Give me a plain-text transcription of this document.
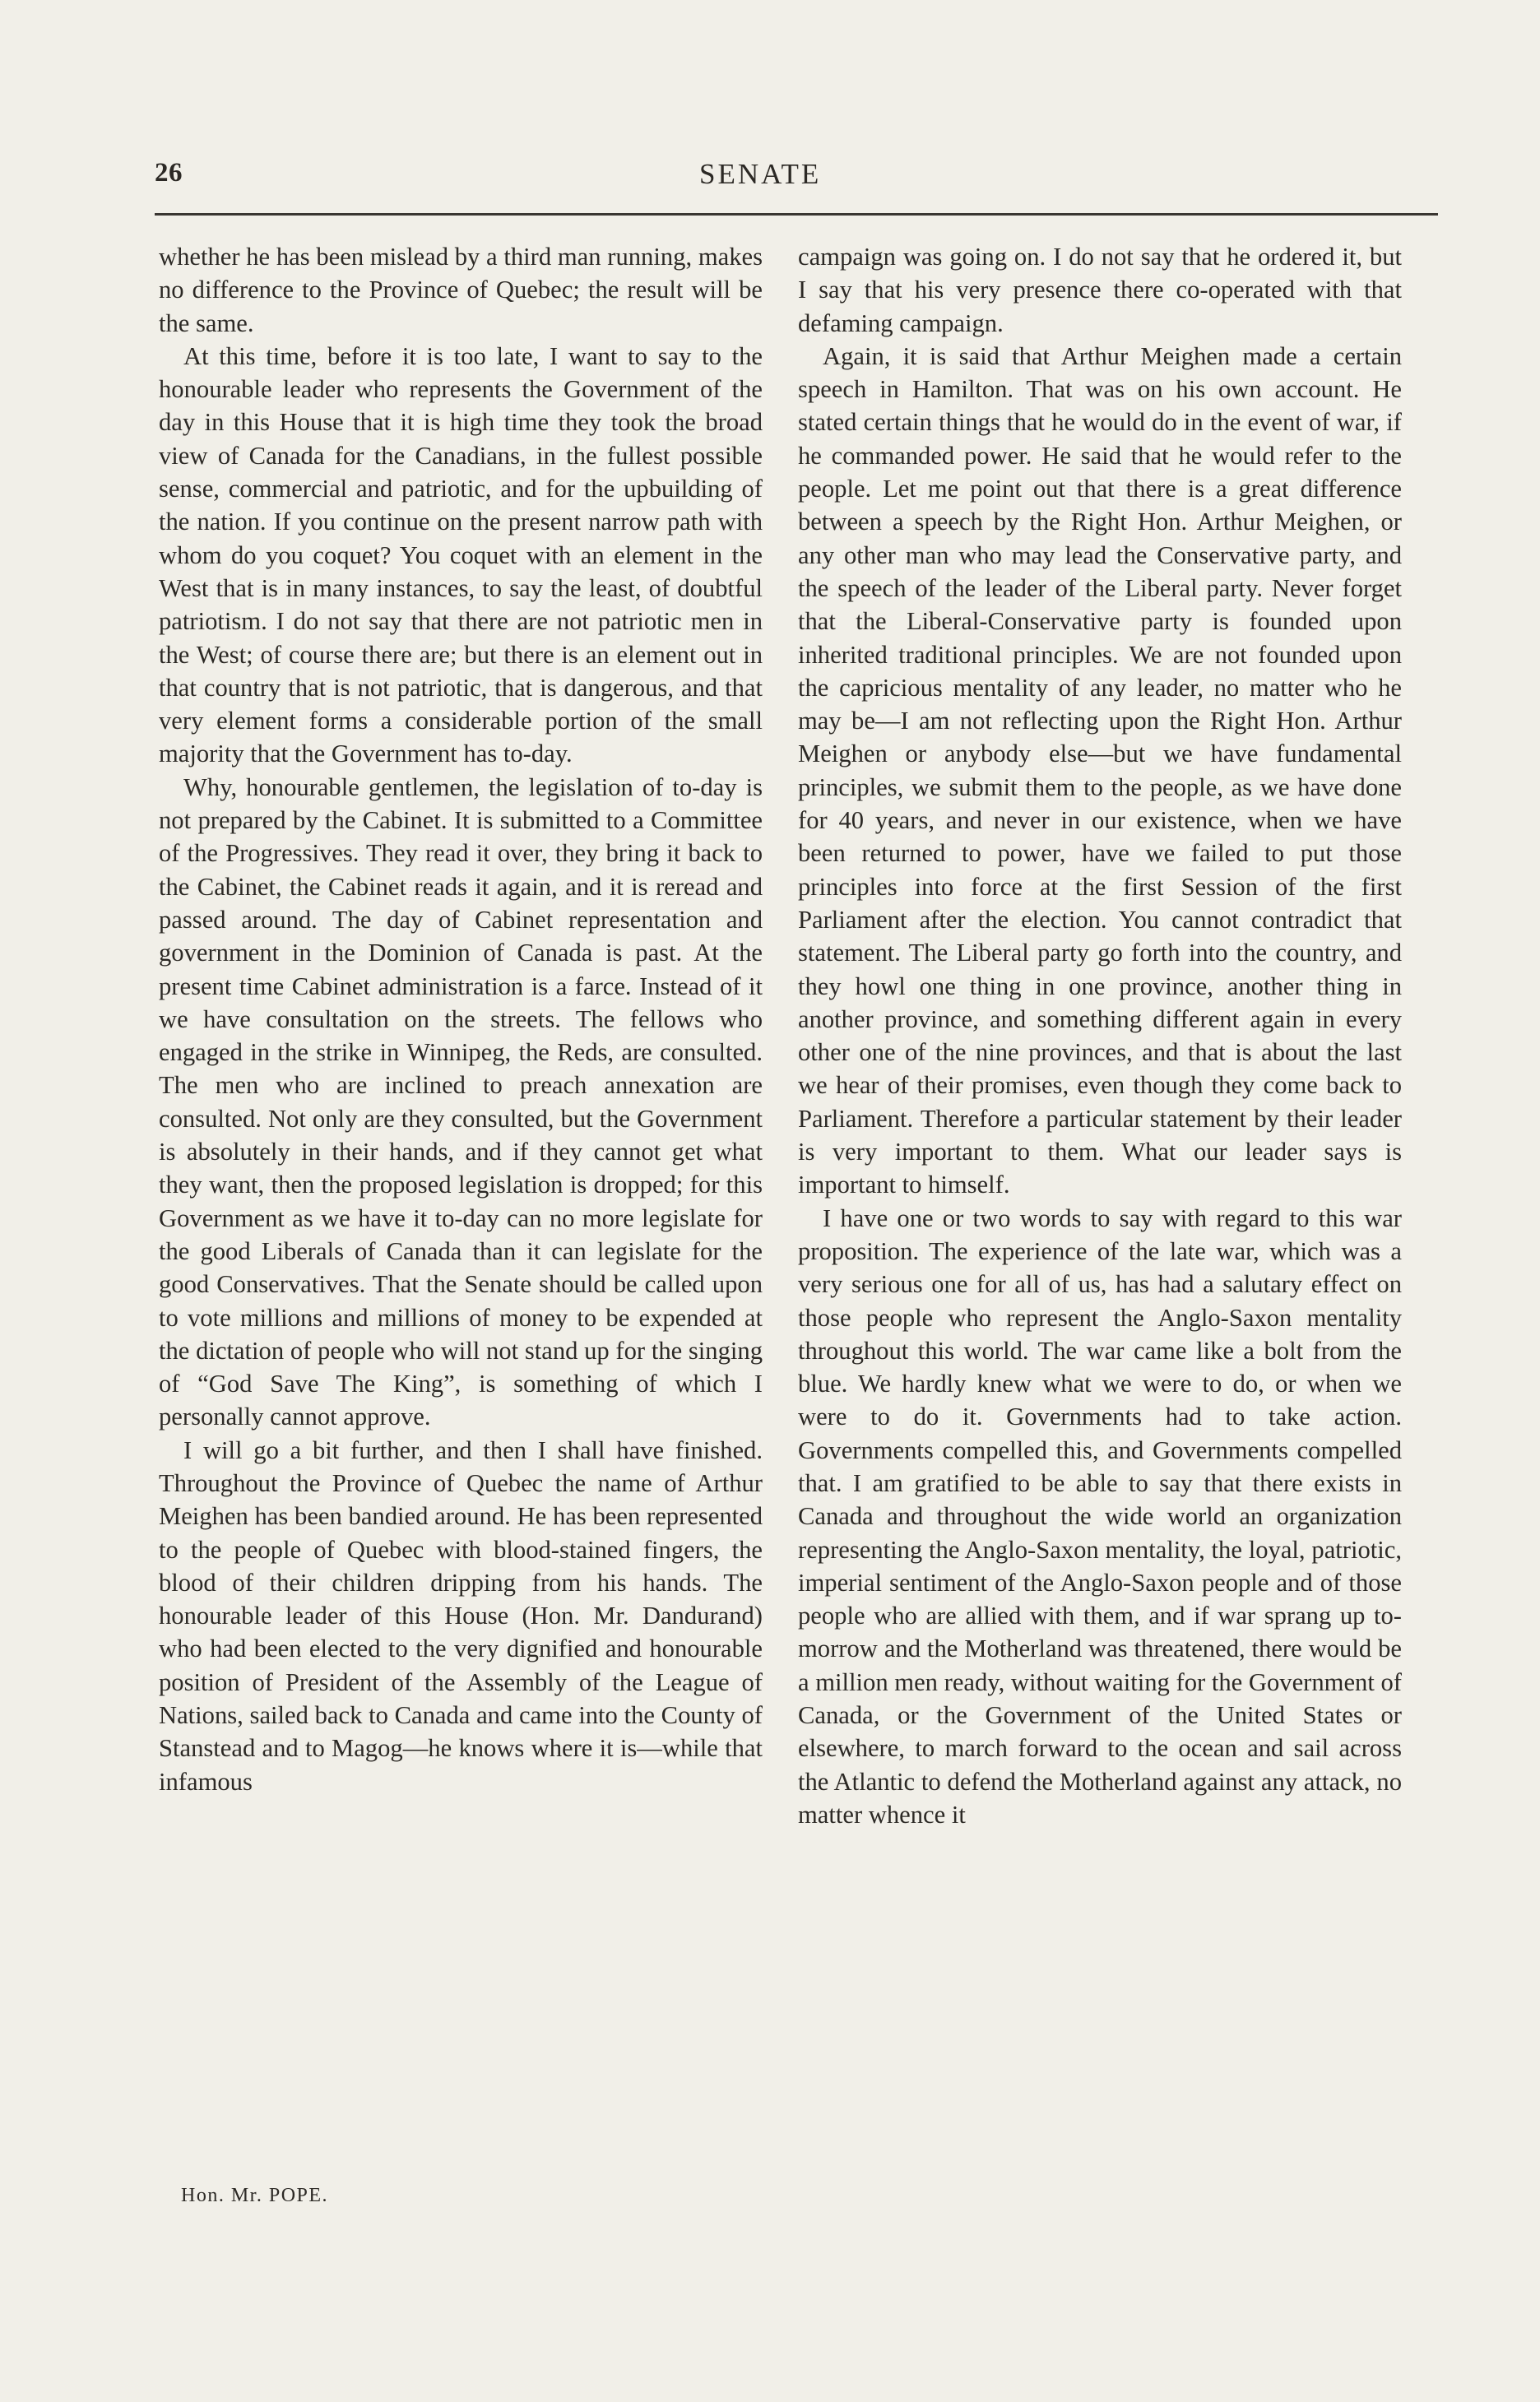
26	SENATE

whether he has been mislead by a third man running, makes no difference to the Province of Quebec; the result will be the same.

At this time, before it is too late, I want to say to the honourable leader who represents the Government of the day in this House that it is high time they took the broad view of Canada for the Canadians, in the fullest possible sense, commercial and patriotic, and for the upbuilding of the nation. If you continue on the present narrow path with whom do you coquet? You coquet with an element in the West that is in many instances, to say the least, of doubtful patriotism. I do not say that there are not patriotic men in the West; of course there are; but there is an element out in that country that is not patriotic, that is dangerous, and that very element forms a considerable portion of the small majority that the Government has to-day.

Why, honourable gentlemen, the legislation of to-day is not prepared by the Cabinet. It is submitted to a Committee of the Progressives. They read it over, they bring it back to the Cabinet, the Cabinet reads it again, and it is reread and passed around. The day of Cabinet representation and government in the Dominion of Canada is past. At the present time Cabinet administration is a farce. Instead of it we have consultation on the streets. The fellows who engaged in the strike in Winnipeg, the Reds, are consulted. The men who are inclined to preach annexation are consulted. Not only are they consulted, but the Government is absolutely in their hands, and if they cannot get what they want, then the proposed legislation is dropped; for this Government as we have it to-day can no more legislate for the good Liberals of Canada than it can legislate for the good Conservatives. That the Senate should be called upon to vote millions and millions of money to be expended at the dictation of people who will not stand up for the singing of “God Save The King”, is something of which I personally cannot approve.

I will go a bit further, and then I shall have finished. Throughout the Province of Quebec the name of Arthur Meighen has been bandied around. He has been represented to the people of Quebec with blood-stained fingers, the blood of their children dripping from his hands. The honourable leader of this House (Hon. Mr. Dandurand) who had been elected to the very dignified and honourable position of President of the Assembly of the League of Nations, sailed back to Canada and came into the County of Stanstead and to Magog—he knows where it is—while that infamous

campaign was going on. I do not say that he ordered it, but I say that his very presence there co-operated with that defaming campaign.

Again, it is said that Arthur Meighen made a certain speech in Hamilton. That was on his own account. He stated certain things that he would do in the event of war, if he commanded power. He said that he would refer to the people. Let me point out that there is a great difference between a speech by the Right Hon. Arthur Meighen, or any other man who may lead the Conservative party, and the speech of the leader of the Liberal party. Never forget that the Liberal-Conservative party is founded upon inherited traditional principles. We are not founded upon the capricious mentality of any leader, no matter who he may be—I am not reflecting upon the Right Hon. Arthur Meighen or anybody else—but we have fundamental principles, we submit them to the people, as we have done for 40 years, and never in our existence, when we have been returned to power, have we failed to put those principles into force at the first Session of the first Parliament after the election. You cannot contradict that statement. The Liberal party go forth into the country, and they howl one thing in one province, another thing in another province, and something different again in every other one of the nine provinces, and that is about the last we hear of their promises, even though they come back to Parliament. Therefore a particular statement by their leader is very important to them. What our leader says is important to himself.

I have one or two words to say with regard to this war proposition. The experience of the late war, which was a very serious one for all of us, has had a salutary effect on those people who represent the Anglo-Saxon mentality throughout this world. The war came like a bolt from the blue. We hardly knew what we were to do, or when we were to do it. Governments had to take action. Governments compelled this, and Governments compelled that. I am gratified to be able to say that there exists in Canada and throughout the wide world an organization representing the Anglo-Saxon mentality, the loyal, patriotic, imperial sentiment of the Anglo-Saxon people and of those people who are allied with them, and if war sprang up to-morrow and the Motherland was threatened, there would be a million men ready, without waiting for the Government of Canada, or the Government of the United States or elsewhere, to march forward to the ocean and sail across the Atlantic to defend the Motherland against any attack, no matter whence it

Hon. Mr. POPE.
